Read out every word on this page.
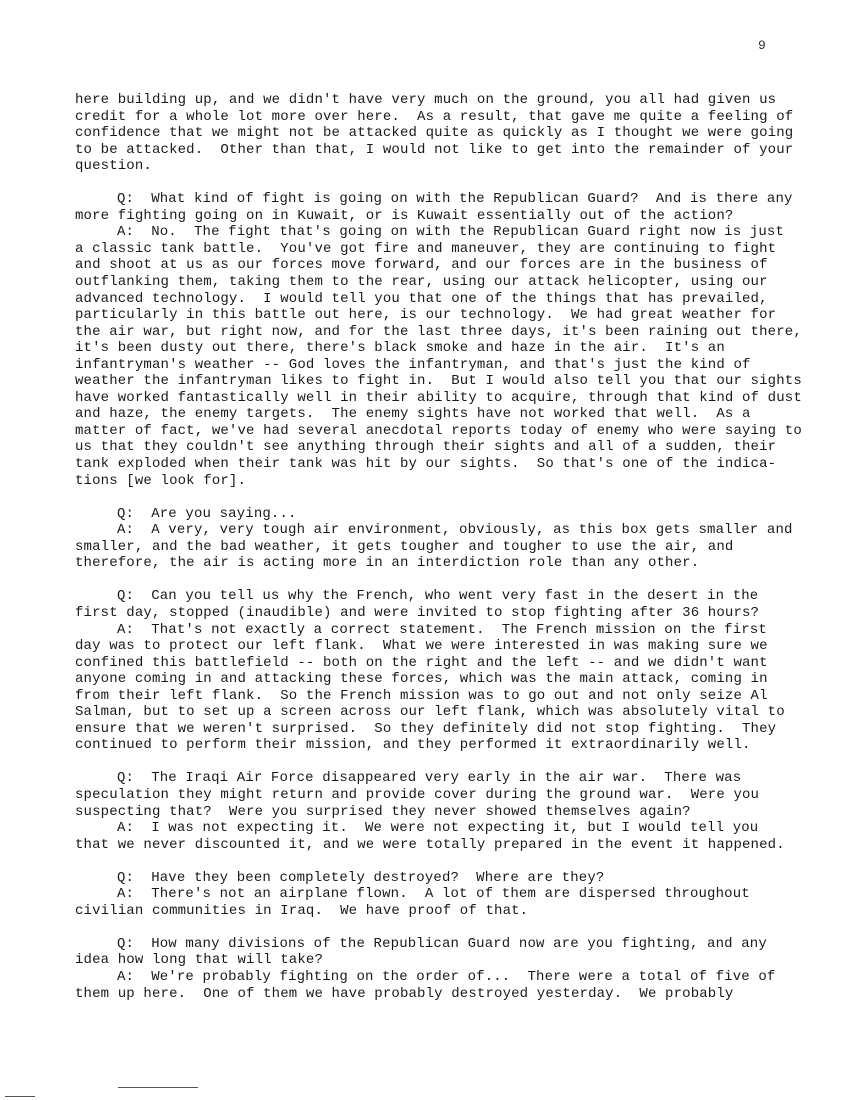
9
here building up, and we didn't have very much on the ground, you all had given us
credit for a whole lot more over here.  As a result, that gave me quite a feeling of
confidence that we might not be attacked quite as quickly as I thought we were going
to be attacked.  Other than that, I would not like to get into the remainder of your
question.
Q:  What kind of fight is going on with the Republican Guard?  And is there any
more fighting going on in Kuwait, or is Kuwait essentially out of the action?
A:  No.  The fight that's going on with the Republican Guard right now is just
a classic tank battle.  You've got fire and maneuver, they are continuing to fight
and shoot at us as our forces move forward, and our forces are in the business of
outflanking them, taking them to the rear, using our attack helicopter, using our
advanced technology.  I would tell you that one of the things that has prevailed,
particularly in this battle out here, is our technology.  We had great weather for
the air war, but right now, and for the last three days, it's been raining out there,
it's been dusty out there, there's black smoke and haze in the air.  It's an
infantryman's weather -- God loves the infantryman, and that's just the kind of
weather the infantryman likes to fight in.  But I would also tell you that our sights
have worked fantastically well in their ability to acquire, through that kind of dust
and haze, the enemy targets.  The enemy sights have not worked that well.  As a
matter of fact, we've had several anecdotal reports today of enemy who were saying to
us that they couldn't see anything through their sights and all of a sudden, their
tank exploded when their tank was hit by our sights.  So that's one of the indica-
tions [we look for].
Q:  Are you saying...
A:  A very, very tough air environment, obviously, as this box gets smaller and
smaller, and the bad weather, it gets tougher and tougher to use the air, and
therefore, the air is acting more in an interdiction role than any other.
Q:  Can you tell us why the French, who went very fast in the desert in the
first day, stopped (inaudible) and were invited to stop fighting after 36 hours?
A:  That's not exactly a correct statement.  The French mission on the first
day was to protect our left flank.  What we were interested in was making sure we
confined this battlefield -- both on the right and the left -- and we didn't want
anyone coming in and attacking these forces, which was the main attack, coming in
from their left flank.  So the French mission was to go out and not only seize Al
Salman, but to set up a screen across our left flank, which was absolutely vital to
ensure that we weren't surprised.  So they definitely did not stop fighting.  They
continued to perform their mission, and they performed it extraordinarily well.
Q:  The Iraqi Air Force disappeared very early in the air war.  There was
speculation they might return and provide cover during the ground war.  Were you
suspecting that?  Were you surprised they never showed themselves again?
A:  I was not expecting it.  We were not expecting it, but I would tell you
that we never discounted it, and we were totally prepared in the event it happened.
Q:  Have they been completely destroyed?  Where are they?
A:  There's not an airplane flown.  A lot of them are dispersed throughout
civilian communities in Iraq.  We have proof of that.
Q:  How many divisions of the Republican Guard now are you fighting, and any
idea how long that will take?
A:  We're probably fighting on the order of...  There were a total of five of
them up here.  One of them we have probably destroyed yesterday.  We probably
